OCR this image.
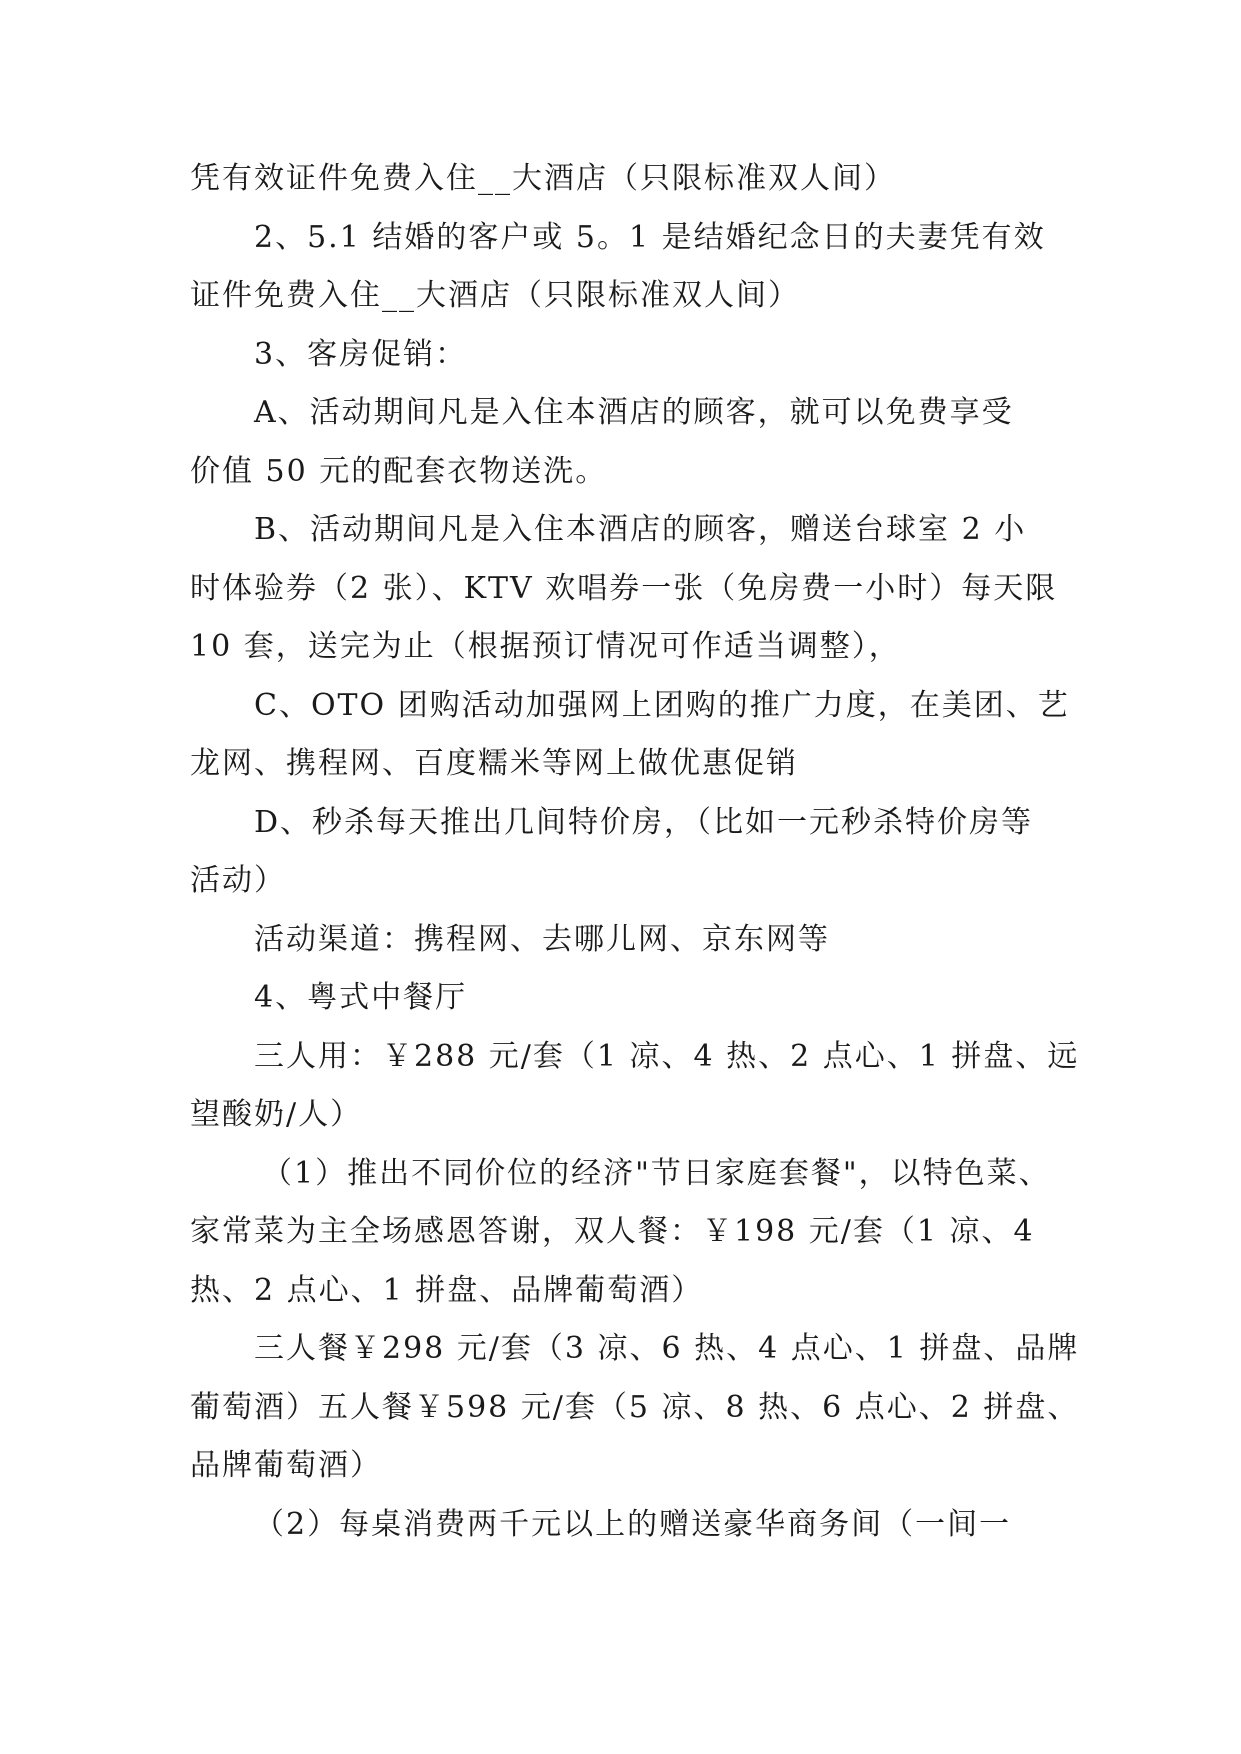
凭有效证件免费入住__大酒店（只限标准双人间）
2、5.1 结婚的客户或 5。1 是结婚纪念日的夫妻凭有效
证件免费入住__大酒店（只限标准双人间）
3、客房促销：
A、活动期间凡是入住本酒店的顾客，就可以免费享受
价值 50 元的配套衣物送洗。
B、活动期间凡是入住本酒店的顾客，赠送台球室 2 小
时体验券（2 张）、KTV 欢唱券一张（免房费一小时）每天限
10 套，送完为止（根据预订情况可作适当调整），
C、OTO 团购活动加强网上团购的推广力度，在美团、艺
龙网、携程网、百度糯米等网上做优惠促销
D、秒杀每天推出几间特价房，（比如一元秒杀特价房等
活动）
活动渠道：携程网、去哪儿网、京东网等
4、粤式中餐厅
三人用：￥288 元/套（1 凉、4 热、2 点心、1 拼盘、远
望酸奶/人）
（1）推出不同价位的经济"节日家庭套餐"，以特色菜、
家常菜为主全场感恩答谢，双人餐：￥198 元/套（1 凉、4
热、2 点心、1 拼盘、品牌葡萄酒）
三人餐￥298 元/套（3 凉、6 热、4 点心、1 拼盘、品牌
葡萄酒）五人餐￥598 元/套（5 凉、8 热、6 点心、2 拼盘、
品牌葡萄酒）
（2）每桌消费两千元以上的赠送豪华商务间（一间一
